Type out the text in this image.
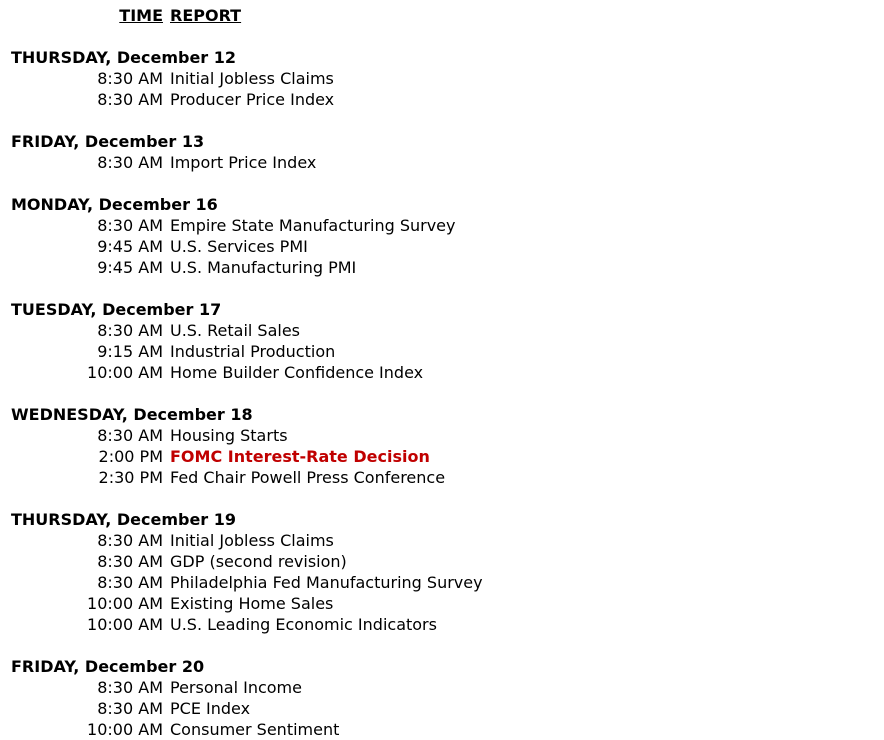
TIME REPORT
THURSDAY, December 12
8:30 AM Initial Jobless Claims
8:30 AM Producer Price Index
FRIDAY, December 13
8:30 AM Import Price Index
MONDAY, December 16
8:30 AM Empire State Manufacturing Survey
9:45 AM U.S. Services PMI
9:45 AM U.S. Manufacturing PMI
TUESDAY, December 17
8:30 AM U.S. Retail Sales
9:15 AM Industrial Production
10:00 AM Home Builder Confidence Index
WEDNESDAY, December 18
8:30 AM Housing Starts
2:00 PM FOMC Interest-Rate Decision
2:30 PM Fed Chair Powell Press Conference
THURSDAY, December 19
8:30 AM Initial Jobless Claims
8:30 AM GDP (second revision)
8:30 AM Philadelphia Fed Manufacturing Survey
10:00 AM Existing Home Sales
10:00 AM U.S. Leading Economic Indicators
FRIDAY, December 20
8:30 AM Personal Income
8:30 AM PCE Index
10:00 AM Consumer Sentiment
